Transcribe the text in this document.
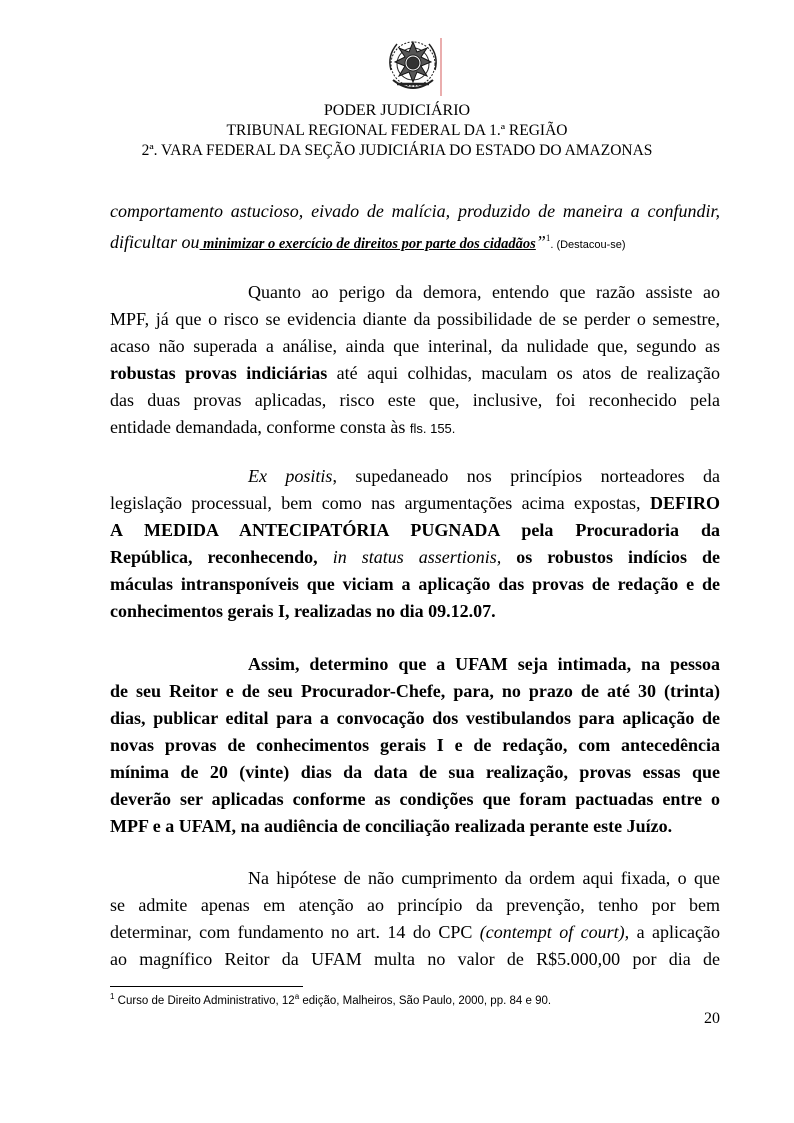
PODER JUDICIÁRIO
TRIBUNAL REGIONAL FEDERAL DA 1.ª REGIÃO
2ª. VARA FEDERAL DA SEÇÃO JUDICIÁRIA DO ESTADO DO AMAZONAS
comportamento astucioso, eivado de malícia, produzido de maneira a confundir,
dificultar ou minimizar o exercício de direitos por parte dos cidadãos”$^1$. (Destacou-se)
Quanto ao perigo da demora, entendo que razão assiste ao
MPF, já que o risco se evidencia diante da possibilidade de se perder o semestre,
acaso não superada a análise, ainda que interinal, da nulidade que, segundo as
robustas provas indiciárias até aqui colhidas, maculam os atos de realização
das duas provas aplicadas, risco este que, inclusive, foi reconhecido pela
entidade demandada, conforme consta às fls. 155.
Ex positis, supedaneado nos princípios norteadores da
legislação processual, bem como nas argumentações acima expostas, DEFIRO
A MEDIDA ANTECIPATÓRIA PUGNADA pela Procuradoria da
República, reconhecendo, in status assertionis, os robustos indícios de
máculas intransponíveis que viciam a aplicação das provas de redação e de
conhecimentos gerais I, realizadas no dia 09.12.07.
Assim, determino que a UFAM seja intimada, na pessoa
de seu Reitor e de seu Procurador-Chefe, para, no prazo de até 30 (trinta)
dias, publicar edital para a convocação dos vestibulandos para aplicação de
novas provas de conhecimentos gerais I e de redação, com antecedência
mínima de 20 (vinte) dias da data de sua realização, provas essas que
deverão ser aplicadas conforme as condições que foram pactuadas entre o
MPF e a UFAM, na audiência de conciliação realizada perante este Juízo.
Na hipótese de não cumprimento da ordem aqui fixada, o que
se admite apenas em atenção ao princípio da prevenção, tenho por bem
determinar, com fundamento no art. 14 do CPC (contempt of court), a aplicação
ao magnífico Reitor da UFAM multa no valor de R$5.000,00 por dia de
$^1$ Curso de Direito Administrativo, 12$^a$ edição, Malheiros, São Paulo, 2000, pp. 84 e 90.
20
